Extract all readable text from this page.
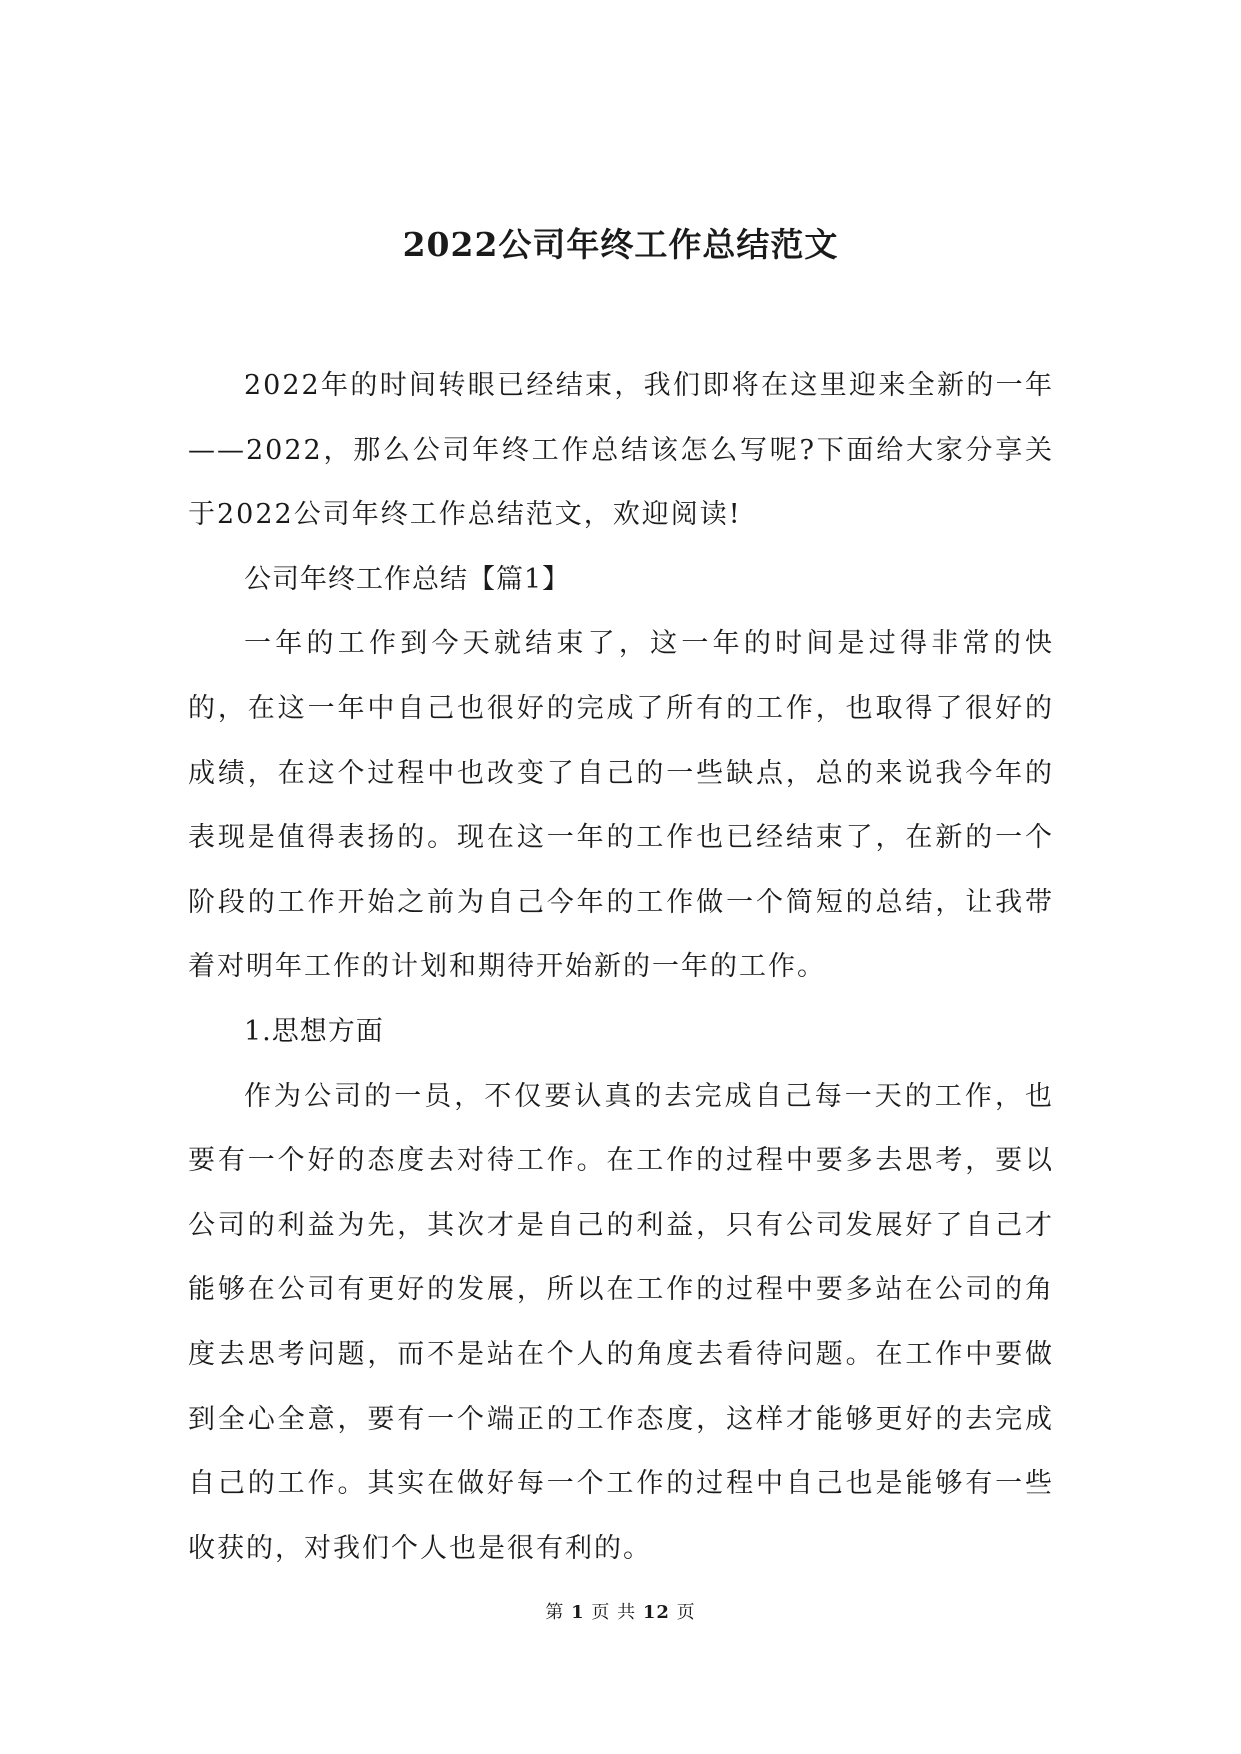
2022公司年终工作总结范文

2022年的时间转眼已经结束，我们即将在这里迎来全新的一年——2022，那么公司年终工作总结该怎么写呢?下面给大家分享关于2022公司年终工作总结范文，欢迎阅读!

公司年终工作总结【篇1】

一年的工作到今天就结束了，这一年的时间是过得非常的快的，在这一年中自己也很好的完成了所有的工作，也取得了很好的成绩，在这个过程中也改变了自己的一些缺点，总的来说我今年的表现是值得表扬的。现在这一年的工作也已经结束了，在新的一个阶段的工作开始之前为自己今年的工作做一个简短的总结，让我带着对明年工作的计划和期待开始新的一年的工作。

1.思想方面

作为公司的一员，不仅要认真的去完成自己每一天的工作，也要有一个好的态度去对待工作。在工作的过程中要多去思考，要以公司的利益为先，其次才是自己的利益，只有公司发展好了自己才能够在公司有更好的发展，所以在工作的过程中要多站在公司的角度去思考问题，而不是站在个人的角度去看待问题。在工作中要做到全心全意，要有一个端正的工作态度，这样才能够更好的去完成自己的工作。其实在做好每一个工作的过程中自己也是能够有一些收获的，对我们个人也是很有利的。

第 1 页 共 12 页
